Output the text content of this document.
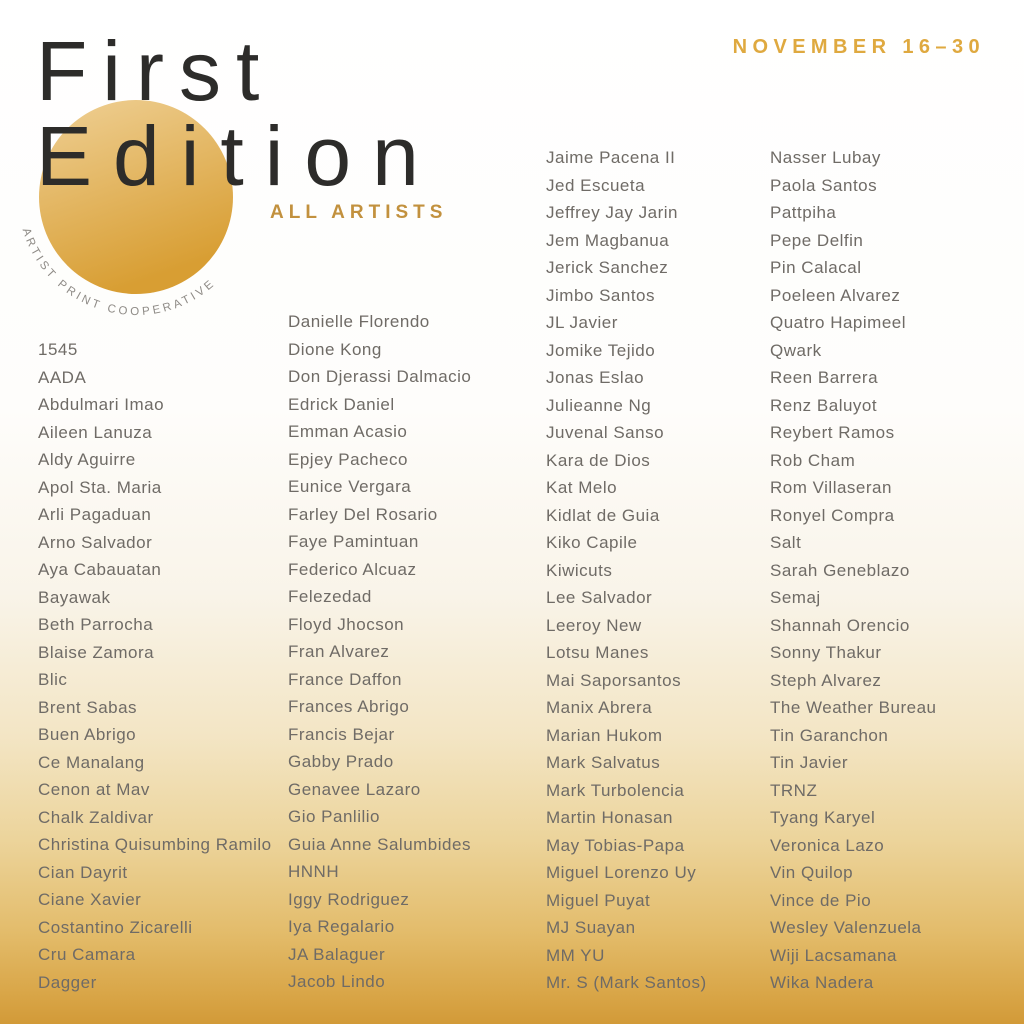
ARTIST PRINT COOPERATIVE
First
Edition
ALL ARTISTS
NOVEMBER 16–30
1545
AADA
Abdulmari Imao
Aileen Lanuza
Aldy Aguirre
Apol Sta. Maria
Arli Pagaduan
Arno Salvador
Aya Cabauatan
Bayawak
Beth Parrocha
Blaise Zamora
Blic
Brent Sabas
Buen Abrigo
Ce Manalang
Cenon at Mav
Chalk Zaldivar
Christina Quisumbing Ramilo
Cian Dayrit
Ciane Xavier
Costantino Zicarelli
Cru Camara
Dagger
Danielle Florendo
Dione Kong
Don Djerassi Dalmacio
Edrick Daniel
Emman Acasio
Epjey Pacheco
Eunice Vergara
Farley Del Rosario
Faye Pamintuan
Federico Alcuaz
Felezedad
Floyd Jhocson
Fran Alvarez
France Daffon
Frances Abrigo
Francis Bejar
Gabby Prado
Genavee Lazaro
Gio Panlilio
Guia Anne Salumbides
HNNH
Iggy Rodriguez
Iya Regalario
JA Balaguer
Jacob Lindo
Jaime Pacena II
Jed Escueta
Jeffrey Jay Jarin
Jem Magbanua
Jerick Sanchez
Jimbo Santos
JL Javier
Jomike Tejido
Jonas Eslao
Julieanne Ng
Juvenal Sanso
Kara de Dios
Kat Melo
Kidlat de Guia
Kiko Capile
Kiwicuts
Lee Salvador
Leeroy New
Lotsu Manes
Mai Saporsantos
Manix Abrera
Marian Hukom
Mark Salvatus
Mark Turbolencia
Martin Honasan
May Tobias-Papa
Miguel Lorenzo Uy
Miguel Puyat
MJ Suayan
MM YU
Mr. S (Mark Santos)
Nasser Lubay
Paola Santos
Pattpiha
Pepe Delfin
Pin Calacal
Poeleen Alvarez
Quatro Hapimeel
Qwark
Reen Barrera
Renz Baluyot
Reybert Ramos
Rob Cham
Rom Villaseran
Ronyel Compra
Salt
Sarah Geneblazo
Semaj
Shannah Orencio
Sonny Thakur
Steph Alvarez
The Weather Bureau
Tin Garanchon
Tin Javier
TRNZ
Tyang Karyel
Veronica Lazo
Vin Quilop
Vince de Pio
Wesley Valenzuela
Wiji Lacsamana
Wika Nadera
